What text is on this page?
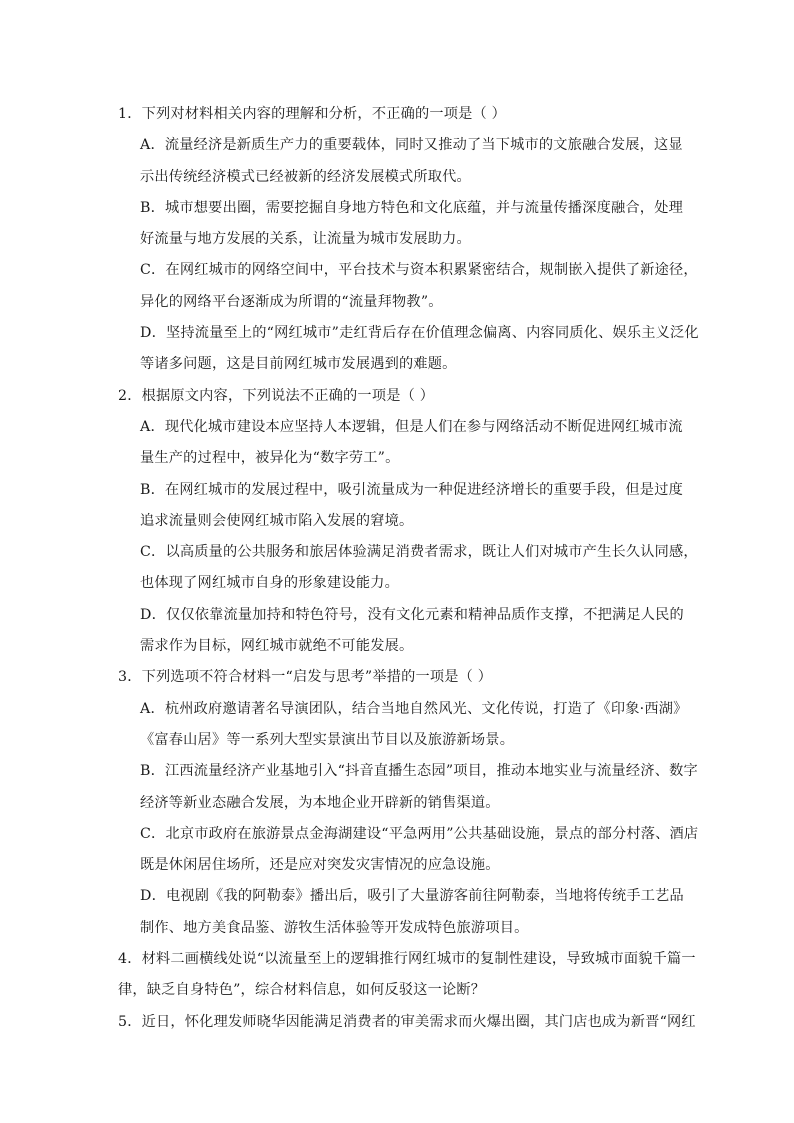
1．下列对材料相关内容的理解和分析，不正确的一项是（ ）
A．流量经济是新质生产力的重要载体，同时又推动了当下城市的文旅融合发展，这显
示出传统经济模式已经被新的经济发展模式所取代。
B．城市想要出圈，需要挖掘自身地方特色和文化底蕴，并与流量传播深度融合，处理
好流量与地方发展的关系，让流量为城市发展助力。
C．在网红城市的网络空间中，平台技术与资本积累紧密结合，规制嵌入提供了新途径，
异化的网络平台逐渐成为所谓的“流量拜物教”。
D．坚持流量至上的“网红城市”走红背后存在价值理念偏离、内容同质化、娱乐主义泛化
等诸多问题，这是目前网红城市发展遇到的难题。
2．根据原文内容，下列说法不正确的一项是（ ）
A．现代化城市建设本应坚持人本逻辑，但是人们在参与网络活动不断促进网红城市流
量生产的过程中，被异化为“数字劳工”。
B．在网红城市的发展过程中，吸引流量成为一种促进经济增长的重要手段，但是过度
追求流量则会使网红城市陷入发展的窘境。
C．以高质量的公共服务和旅居体验满足消费者需求，既让人们对城市产生长久认同感，
也体现了网红城市自身的形象建设能力。
D．仅仅依靠流量加持和特色符号，没有文化元素和精神品质作支撑，不把满足人民的
需求作为目标，网红城市就绝不可能发展。
3．下列选项不符合材料一“启发与思考”举措的一项是（ ）
A．杭州政府邀请著名导演团队，结合当地自然风光、文化传说，打造了《印象·西湖》
《富春山居》等一系列大型实景演出节目以及旅游新场景。
B．江西流量经济产业基地引入“抖音直播生态园”项目，推动本地实业与流量经济、数字
经济等新业态融合发展，为本地企业开辟新的销售渠道。
C．北京市政府在旅游景点金海湖建设“平急两用”公共基础设施，景点的部分村落、酒店
既是休闲居住场所，还是应对突发灾害情况的应急设施。
D．电视剧《我的阿勒泰》播出后，吸引了大量游客前往阿勒泰，当地将传统手工艺品
制作、地方美食品鉴、游牧生活体验等开发成特色旅游项目。
4．材料二画横线处说“以流量至上的逻辑推行网红城市的复制性建设，导致城市面貌千篇一
律，缺乏自身特色”，综合材料信息，如何反驳这一论断？
5．近日，怀化理发师晓华因能满足消费者的审美需求而火爆出圈，其门店也成为新晋“网红
